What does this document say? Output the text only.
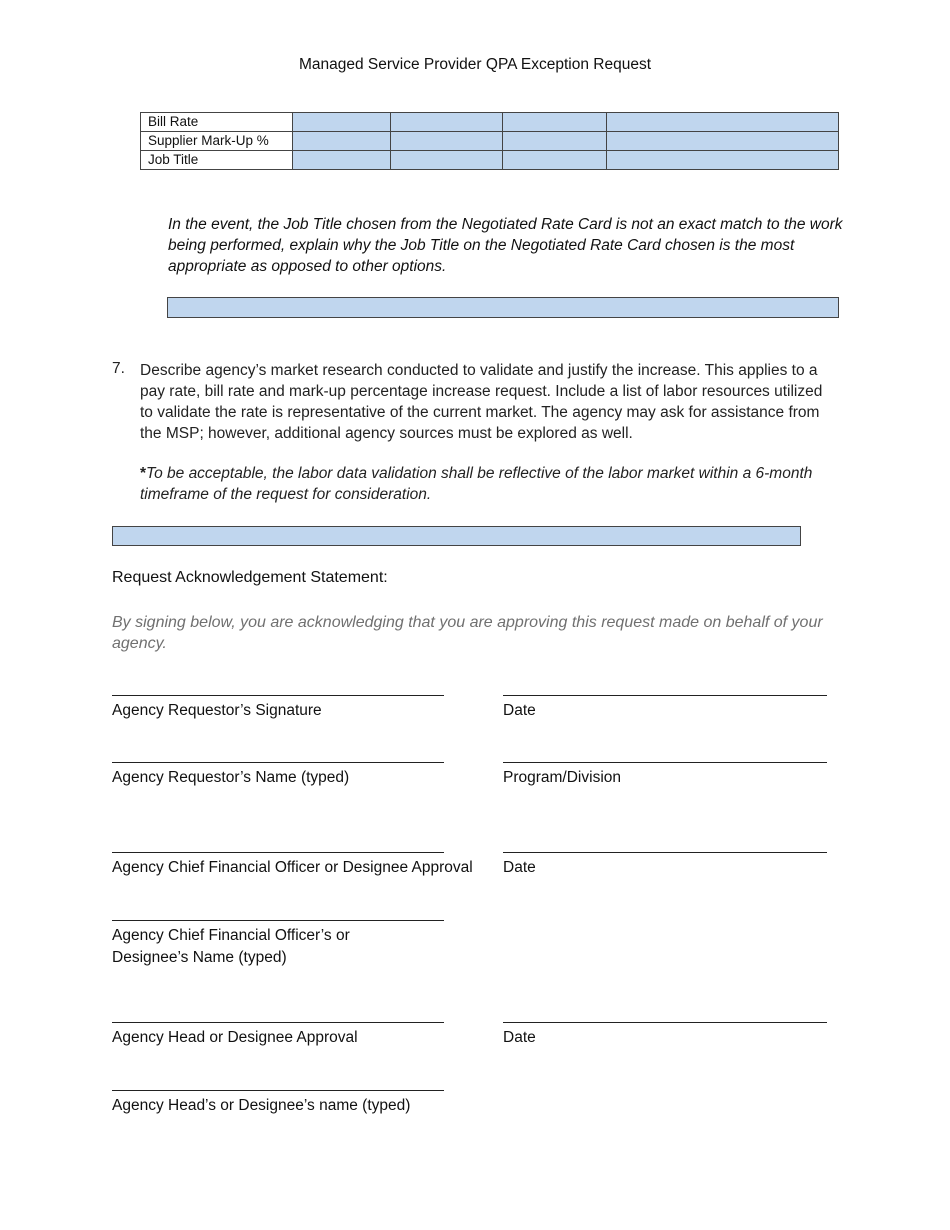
Managed Service Provider QPA Exception Request
Bill Rate				
Supplier Mark-Up %				
Job Title				
In the event, the Job Title chosen from the Negotiated Rate Card is not an exact match to the work being performed, explain why the Job Title on the Negotiated Rate Card chosen is the most appropriate as opposed to other options.
7. Describe agency’s market research conducted to validate and justify the increase. This applies to a pay rate, bill rate and mark-up percentage increase request. Include a list of labor resources utilized to validate the rate is representative of the current market. The agency may ask for assistance from the MSP; however, additional agency sources must be explored as well.
*To be acceptable, the labor data validation shall be reflective of the labor market within a 6-month timeframe of the request for consideration.
Request Acknowledgement Statement:
By signing below, you are acknowledging that you are approving this request made on behalf of your agency.
Agency Requestor’s Signature	Date
Agency Requestor’s Name (typed)	Program/Division
Agency Chief Financial Officer or Designee Approval Date
Agency Chief Financial Officer’s or
Designee’s Name (typed)
Agency Head or Designee Approval	Date
Agency Head’s or Designee’s name (typed)
